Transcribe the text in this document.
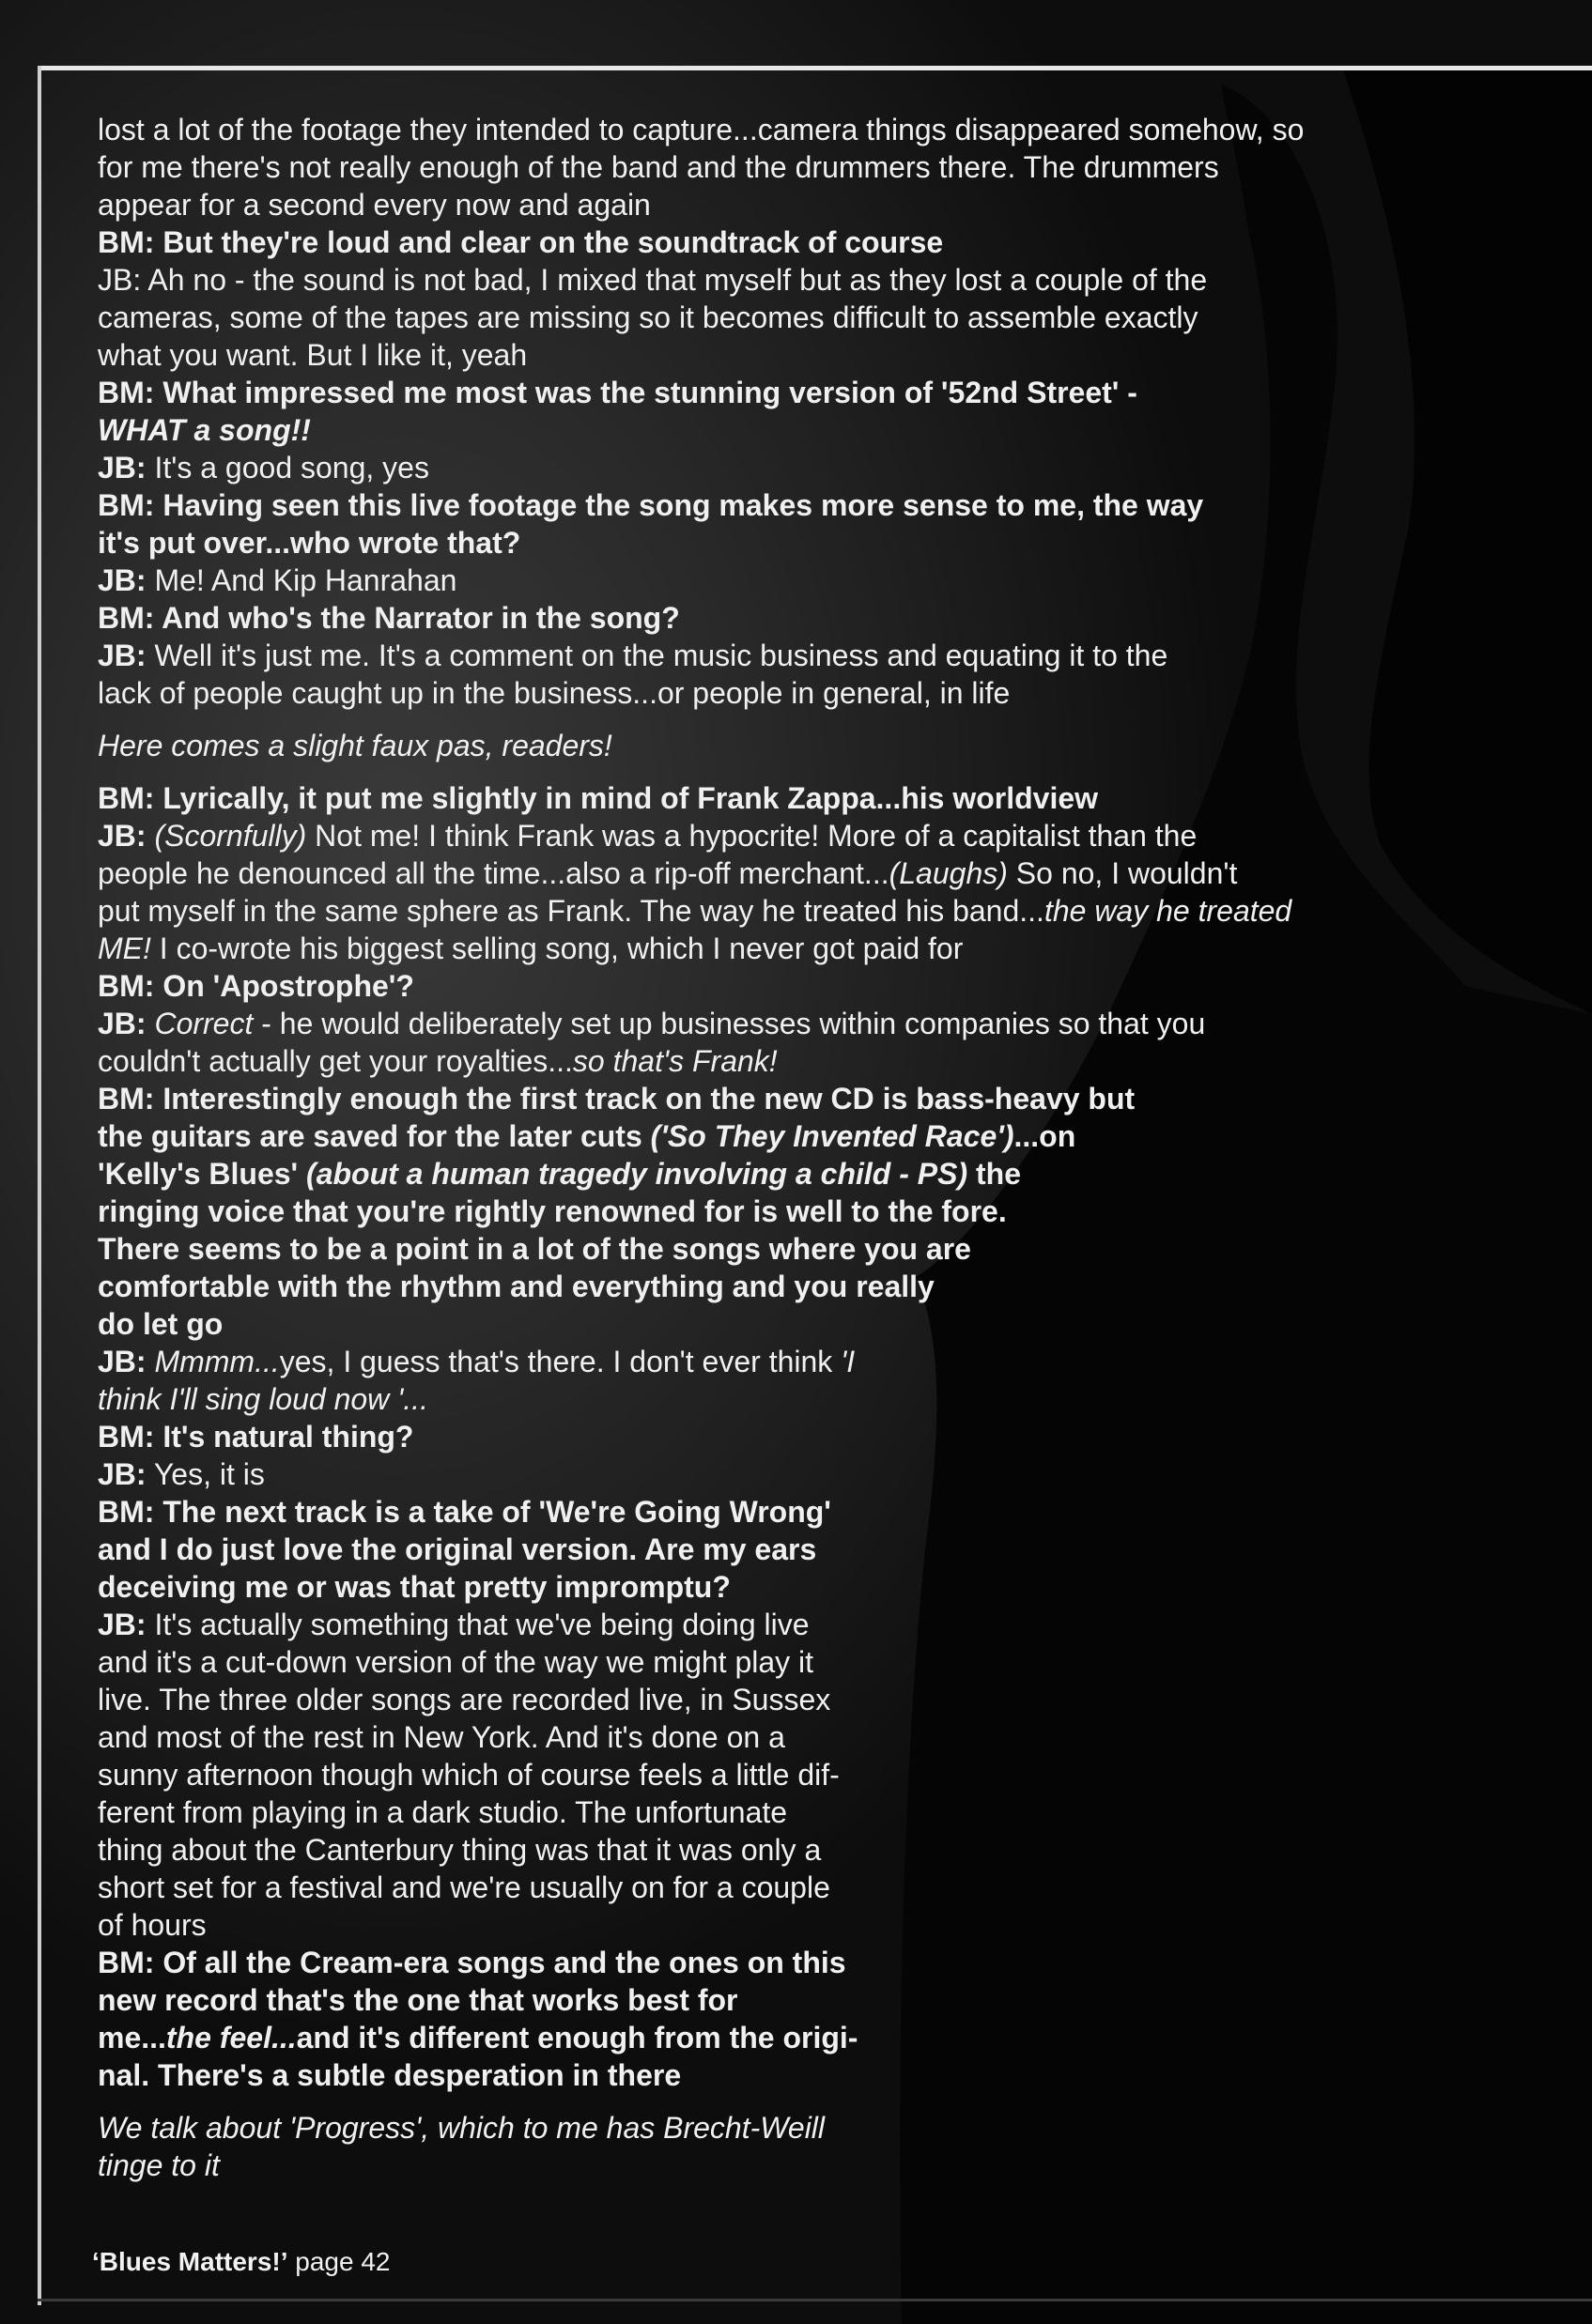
lost a lot of the footage they intended to capture...camera things disappeared somehow, so
for me there's not really enough of the band and the drummers there. The drummers
appear for a second every now and again
BM: But they're loud and clear on the soundtrack of course
JB: Ah no - the sound is not bad, I mixed that myself but as they lost a couple of the
cameras, some of the tapes are missing so it becomes difficult to assemble exactly
what you want. But I like it, yeah
BM: What impressed me most was the stunning version of '52nd Street' -
WHAT a song!!
JB: It's a good song, yes
BM: Having seen this live footage the song makes more sense to me, the way
it's put over...who wrote that?
JB: Me! And Kip Hanrahan
BM: And who's the Narrator in the song?
JB: Well it's just me. It's a comment on the music business and equating it to the
lack of people caught up in the business...or people in general, in life
Here comes a slight faux pas, readers!
BM: Lyrically, it put me slightly in mind of Frank Zappa...his worldview
JB: (Scornfully) Not me! I think Frank was a hypocrite! More of a capitalist than the
people he denounced all the time...also a rip-off merchant...(Laughs) So no, I wouldn't
put myself in the same sphere as Frank. The way he treated his band...the way he treated
ME! I co-wrote his biggest selling song, which I never got paid for
BM: On 'Apostrophe'?
JB: Correct - he would deliberately set up businesses within companies so that you
couldn't actually get your royalties...so that's Frank!
BM: Interestingly enough the first track on the new CD is bass-heavy but
the guitars are saved for the later cuts ('So They Invented Race')...on
'Kelly's Blues' (about a human tragedy involving a child - PS) the
ringing voice that you're rightly renowned for is well to the fore.
There seems to be a point in a lot of the songs where you are
comfortable with the rhythm and everything and you really
do let go
JB: Mmmm...yes, I guess that's there. I don't ever think 'I
think I'll sing loud now '...
BM: It's natural thing?
JB: Yes, it is
BM: The next track is a take of 'We're Going Wrong'
and I do just love the original version. Are my ears
deceiving me or was that pretty impromptu?
JB: It's actually something that we've being doing live
and it's a cut-down version of the way we might play it
live. The three older songs are recorded live, in Sussex
and most of the rest in New York. And it's done on a
sunny afternoon though which of course feels a little dif-
ferent from playing in a dark studio. The unfortunate
thing about the Canterbury thing was that it was only a
short set for a festival and we're usually on for a couple
of hours
BM: Of all the Cream-era songs and the ones on this
new record that's the one that works best for
me...the feel...and it's different enough from the origi-
nal. There's a subtle desperation in there
We talk about 'Progress', which to me has Brecht-Weill
tinge to it
‘Blues Matters!’ page 42
